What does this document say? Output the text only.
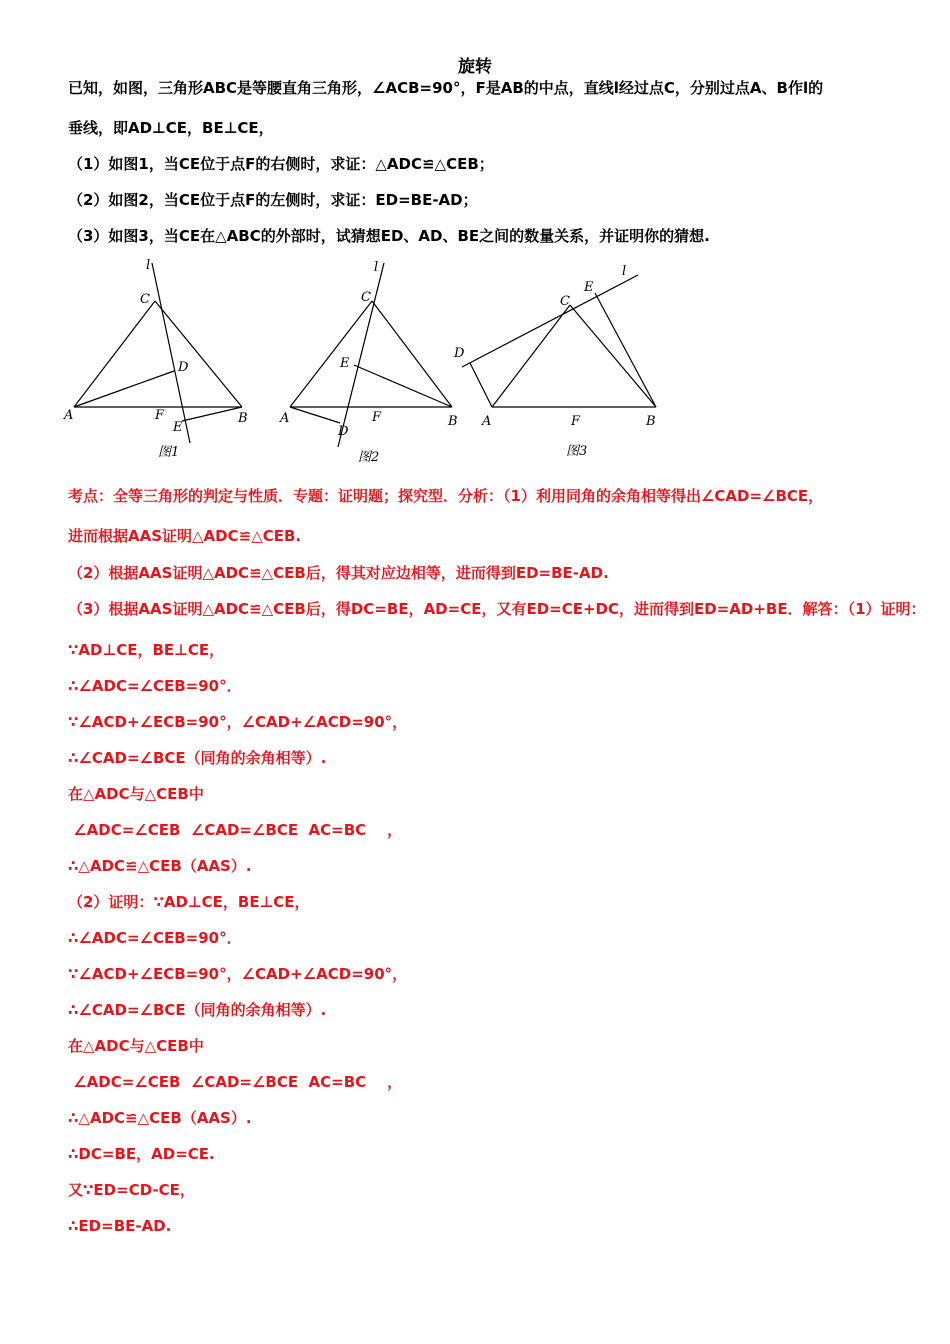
旋转
已知，如图，三角形ABC是等腰直角三角形，∠ACB=90°，F是AB的中点，直线l经过点C，分别过点A、B作l的
垂线，即AD⊥CE，BE⊥CE，
（1）如图1，当CE位于点F的右侧时，求证：△ADC≌△CEB；
（2）如图2，当CE位于点F的左侧时，求证：ED=BE-AD；
（3）如图3，当CE在△ABC的外部时，试猜想ED、AD、BE之间的数量关系，并证明你的猜想.
l
C
D
A	F
E
B
图1
l
C
E
A	F
D
B
图2
l
C
E
D
A	F	B
图3
考点：全等三角形的判定与性质．专题：证明题；探究型．分析：（1）利用同角的余角相等得出∠CAD=∠BCE，
进而根据AAS证明△ADC≌△CEB.
（2）根据AAS证明△ADC≌△CEB后，得其对应边相等，进而得到ED=BE-AD.
（3）根据AAS证明△ADC≌△CEB后，得DC=BE，AD=CE，又有ED=CE+DC，进而得到ED=AD+BE．解答：（1）证明：
∵AD⊥CE，BE⊥CE，
∴∠ADC=∠CEB=90°．
∵∠ACD+∠ECB=90°，∠CAD+∠ACD=90°，
∴∠CAD=∠BCE（同角的余角相等）.
在△ADC与△CEB中
∠ADC=∠CEB  ∠CAD=∠BCE  AC=BC    ，
∴△ADC≌△CEB（AAS）.
（2）证明：∵AD⊥CE，BE⊥CE，
∴∠ADC=∠CEB=90°．
∵∠ACD+∠ECB=90°，∠CAD+∠ACD=90°，
∴∠CAD=∠BCE（同角的余角相等）.
在△ADC与△CEB中
∠ADC=∠CEB  ∠CAD=∠BCE  AC=BC    ，
∴△ADC≌△CEB（AAS）.
∴DC=BE，AD=CE.
又∵ED=CD-CE，
∴ED=BE-AD.
